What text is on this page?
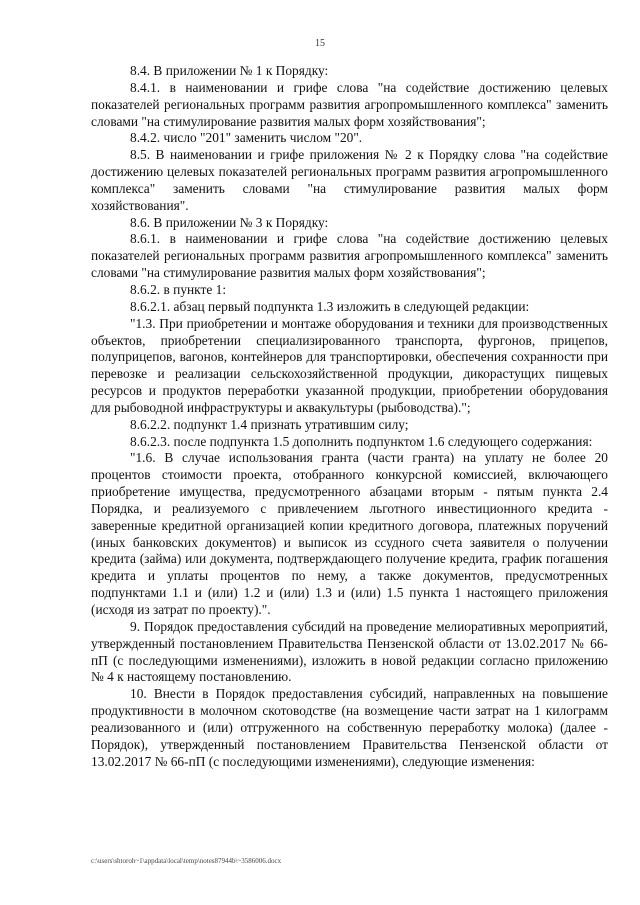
15

8.4. В приложении № 1 к Порядку:

8.4.1. в наименовании и грифе слова "на содействие достижению целевых показателей региональных программ развития агропромышленного комплекса" заменить словами "на стимулирование развития малых форм хозяйствования";

8.4.2. число "201" заменить числом "20".

8.5. В наименовании и грифе приложения № 2 к Порядку слова "на содействие достижению целевых показателей региональных программ развития агропромышленного комплекса" заменить словами "на стимулирование развития малых форм хозяйствования".

8.6. В приложении № 3 к Порядку:

8.6.1. в наименовании и грифе слова "на содействие достижению целевых показателей региональных программ развития агропромышленного комплекса" заменить словами "на стимулирование развития малых форм хозяйствования";

8.6.2. в пункте 1:

8.6.2.1. абзац первый подпункта 1.3 изложить в следующей редакции:

"1.3. При приобретении и монтаже оборудования и техники для производственных объектов, приобретении специализированного транспорта, фургонов, прицепов, полуприцепов, вагонов, контейнеров для транспортировки, обеспечения сохранности при перевозке и реализации сельскохозяйственной продукции, дикорастущих пищевых ресурсов и продуктов переработки указанной продукции, приобретении оборудования для рыбоводной инфраструктуры и аквакультуры (рыбоводства).";

8.6.2.2. подпункт 1.4 признать утратившим силу;

8.6.2.3. после подпункта 1.5 дополнить подпунктом 1.6 следующего содержания:

"1.6. В случае использования гранта (части гранта) на уплату не более 20 процентов стоимости проекта, отобранного конкурсной комиссией, включающего приобретение имущества, предусмотренного абзацами вторым - пятым пункта 2.4 Порядка, и реализуемого с привлечением льготного инвестиционного кредита - заверенные кредитной организацией копии кредитного договора, платежных поручений (иных банковских документов) и выписок из ссудного счета заявителя о получении кредита (займа) или документа, подтверждающего получение кредита, график погашения кредита и уплаты процентов по нему, а также документов, предусмотренных подпунктами 1.1 и (или) 1.2 и (или) 1.3 и (или) 1.5 пункта 1 настоящего приложения (исходя из затрат по проекту).".

9. Порядок предоставления субсидий на проведение мелиоративных мероприятий, утвержденный постановлением Правительства Пензенской области от 13.02.2017 № 66-пП (с последующими изменениями), изложить в новой редакции согласно приложению № 4 к настоящему постановлению.

10. Внести в Порядок предоставления субсидий, направленных на повышение продуктивности в молочном скотоводстве (на возмещение части затрат на 1 килограмм реализованного и (или) отгруженного на собственную переработку молока) (далее - Порядок), утвержденный постановлением Правительства Пензенской области от 13.02.2017 № 66-пП (с последующими изменениями), следующие изменения:

c:\users\shtoroh~1\appdata\local\temp\notes87944b\~3586006.docx
